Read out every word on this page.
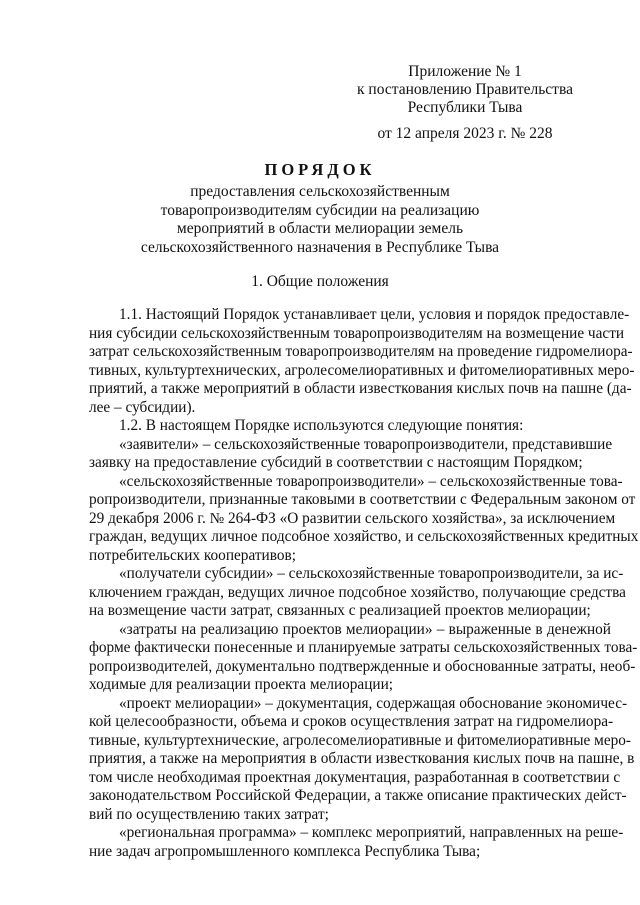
Приложение № 1
к постановлению Правительства
Республики Тыва
от 12 апреля 2023 г. № 228
ПОРЯДОК
предоставления сельскохозяйственным
товаропроизводителям субсидии на реализацию
мероприятий в области мелиорации земель
сельскохозяйственного назначения в Республике Тыва
1. Общие положения
1.1. Настоящий Порядок устанавливает цели, условия и порядок предоставле-
ния субсидии сельскохозяйственным товаропроизводителям на возмещение части
затрат сельскохозяйственным товаропроизводителям на проведение гидромелиора-
тивных, культуртехнических, агролесомелиоративных и фитомелиоративных меро-
приятий, а также мероприятий в области известкования кислых почв на пашне (да-
лее – субсидии).
1.2. В настоящем Порядке используются следующие понятия:
«заявители» – сельскохозяйственные товаропроизводители, представившие
заявку на предоставление субсидий в соответствии с настоящим Порядком;
«сельскохозяйственные товаропроизводители» – сельскохозяйственные това-
ропроизводители, признанные таковыми в соответствии с Федеральным законом от
29 декабря 2006 г. № 264-ФЗ «О развитии сельского хозяйства», за исключением
граждан, ведущих личное подсобное хозяйство, и сельскохозяйственных кредитных
потребительских кооперативов;
«получатели субсидии» – сельскохозяйственные товаропроизводители, за ис-
ключением граждан, ведущих личное подсобное хозяйство, получающие средства
на возмещение части затрат, связанных с реализацией проектов мелиорации;
«затраты на реализацию проектов мелиорации» – выраженные в денежной
форме фактически понесенные и планируемые затраты сельскохозяйственных това-
ропроизводителей, документально подтвержденные и обоснованные затраты, необ-
ходимые для реализации проекта мелиорации;
«проект мелиорации» – документация, содержащая обоснование экономичес-
кой целесообразности, объема и сроков осуществления затрат на гидромелиора-
тивные, культуртехнические, агролесомелиоративные и фитомелиоративные меро-
приятия, а также на мероприятия в области известкования кислых почв на пашне, в
том числе необходимая проектная документация, разработанная в соответствии с
законодательством Российской Федерации, а также описание практических дейст-
вий по осуществлению таких затрат;
«региональная программа» – комплекс мероприятий, направленных на реше-
ние задач агропромышленного комплекса Республика Тыва;
